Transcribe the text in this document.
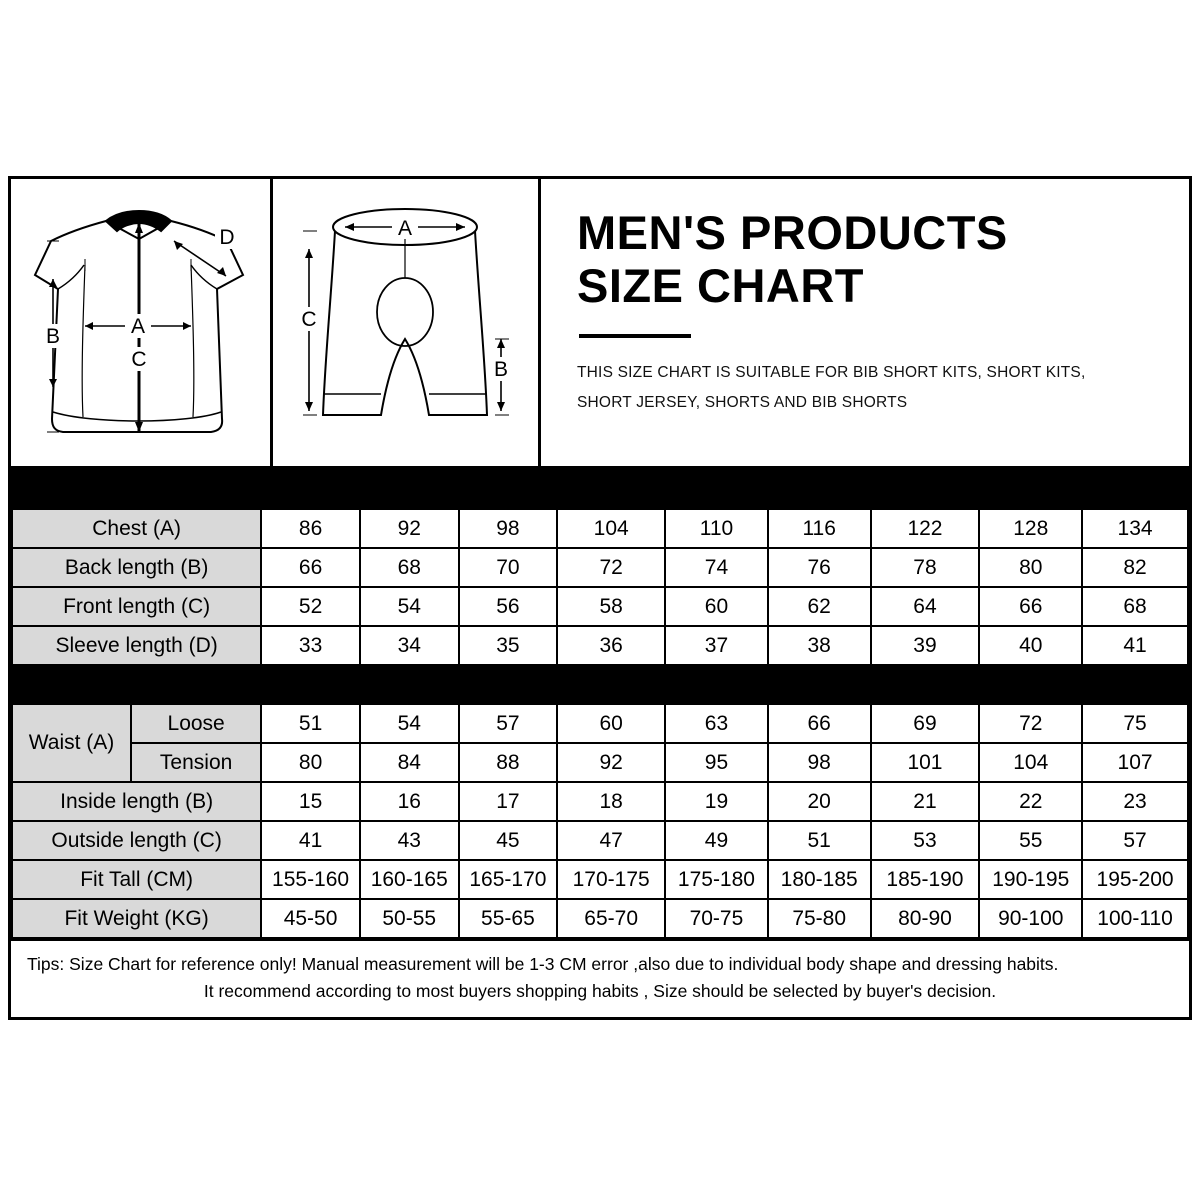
A
B
C
D	A
C
B
MEN'S PRODUCTS
SIZE CHART
THIS SIZE CHART IS SUITABLE FOR BIB SHORT KITS, SHORT KITS,
SHORT JERSEY, SHORTS AND BIB SHORTS
Jersey (CM)		XS	S	M	L	XL	XXL	XXXL	4XL	5XL
Chest (A)		86	92	98	104	110	116	122	128	134
Back length (B)		66	68	70	72	74	76	78	80	82
Front length (C)		52	54	56	58	60	62	64	66	68
Sleeve length (D)		33	34	35	36	37	38	39	40	41
Pants (CM)		XS	S	M	L	XL	XXL	XXXL	4XL	5XL
Waist (A)	Loose	51	54	57	60	63	66	69	72	75
	Tension	80	84	88	92	95	98	101	104	107
Inside length (B)		15	16	17	18	19	20	21	22	23
Outside length (C)		41	43	45	47	49	51	53	55	57
Fit Tall (CM)		155-160	160-165	165-170	170-175	175-180	180-185	185-190	190-195	195-200
Fit Weight (KG)		45-50	50-55	55-65	65-70	70-75	75-80	80-90	90-100	100-110
Tips: Size Chart for reference only! Manual measurement will be 1-3 CM error ,also due to individual body shape and dressing habits.
It recommend according to most buyers shopping habits , Size should be selected by buyer's decision.
